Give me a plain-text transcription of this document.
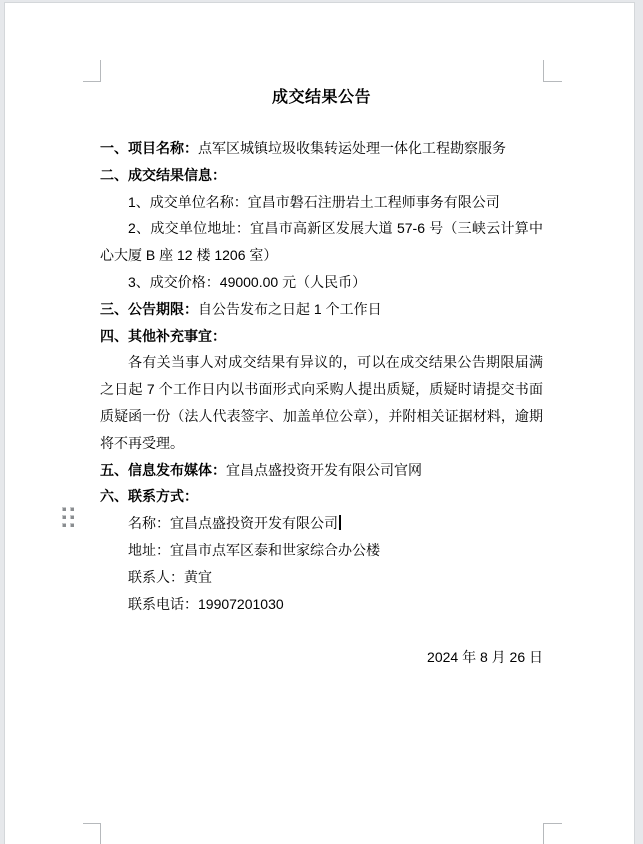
成交结果公告

一、项目名称：点军区城镇垃圾收集转运处理一体化工程勘察服务

二、成交结果信息：

1、成交单位名称：宜昌市磐石注册岩土工程师事务有限公司

2、成交单位地址：宜昌市高新区发展大道 57-6 号（三峡云计算中心大厦 B 座 12 楼 1206 室）

3、成交价格：49000.00 元（人民币）

三、公告期限：自公告发布之日起 1 个工作日

四、其他补充事宜：

各有关当事人对成交结果有异议的，可以在成交结果公告期限届满之日起 7 个工作日内以书面形式向采购人提出质疑，质疑时请提交书面质疑函一份（法人代表签字、加盖单位公章），并附相关证据材料，逾期将不再受理。

五、信息发布媒体：宜昌点盛投资开发有限公司官网

六、联系方式：

名称：宜昌点盛投资开发有限公司

地址：宜昌市点军区泰和世家综合办公楼

联系人：黄宜

联系电话：19907201030

2024 年 8 月 26 日
